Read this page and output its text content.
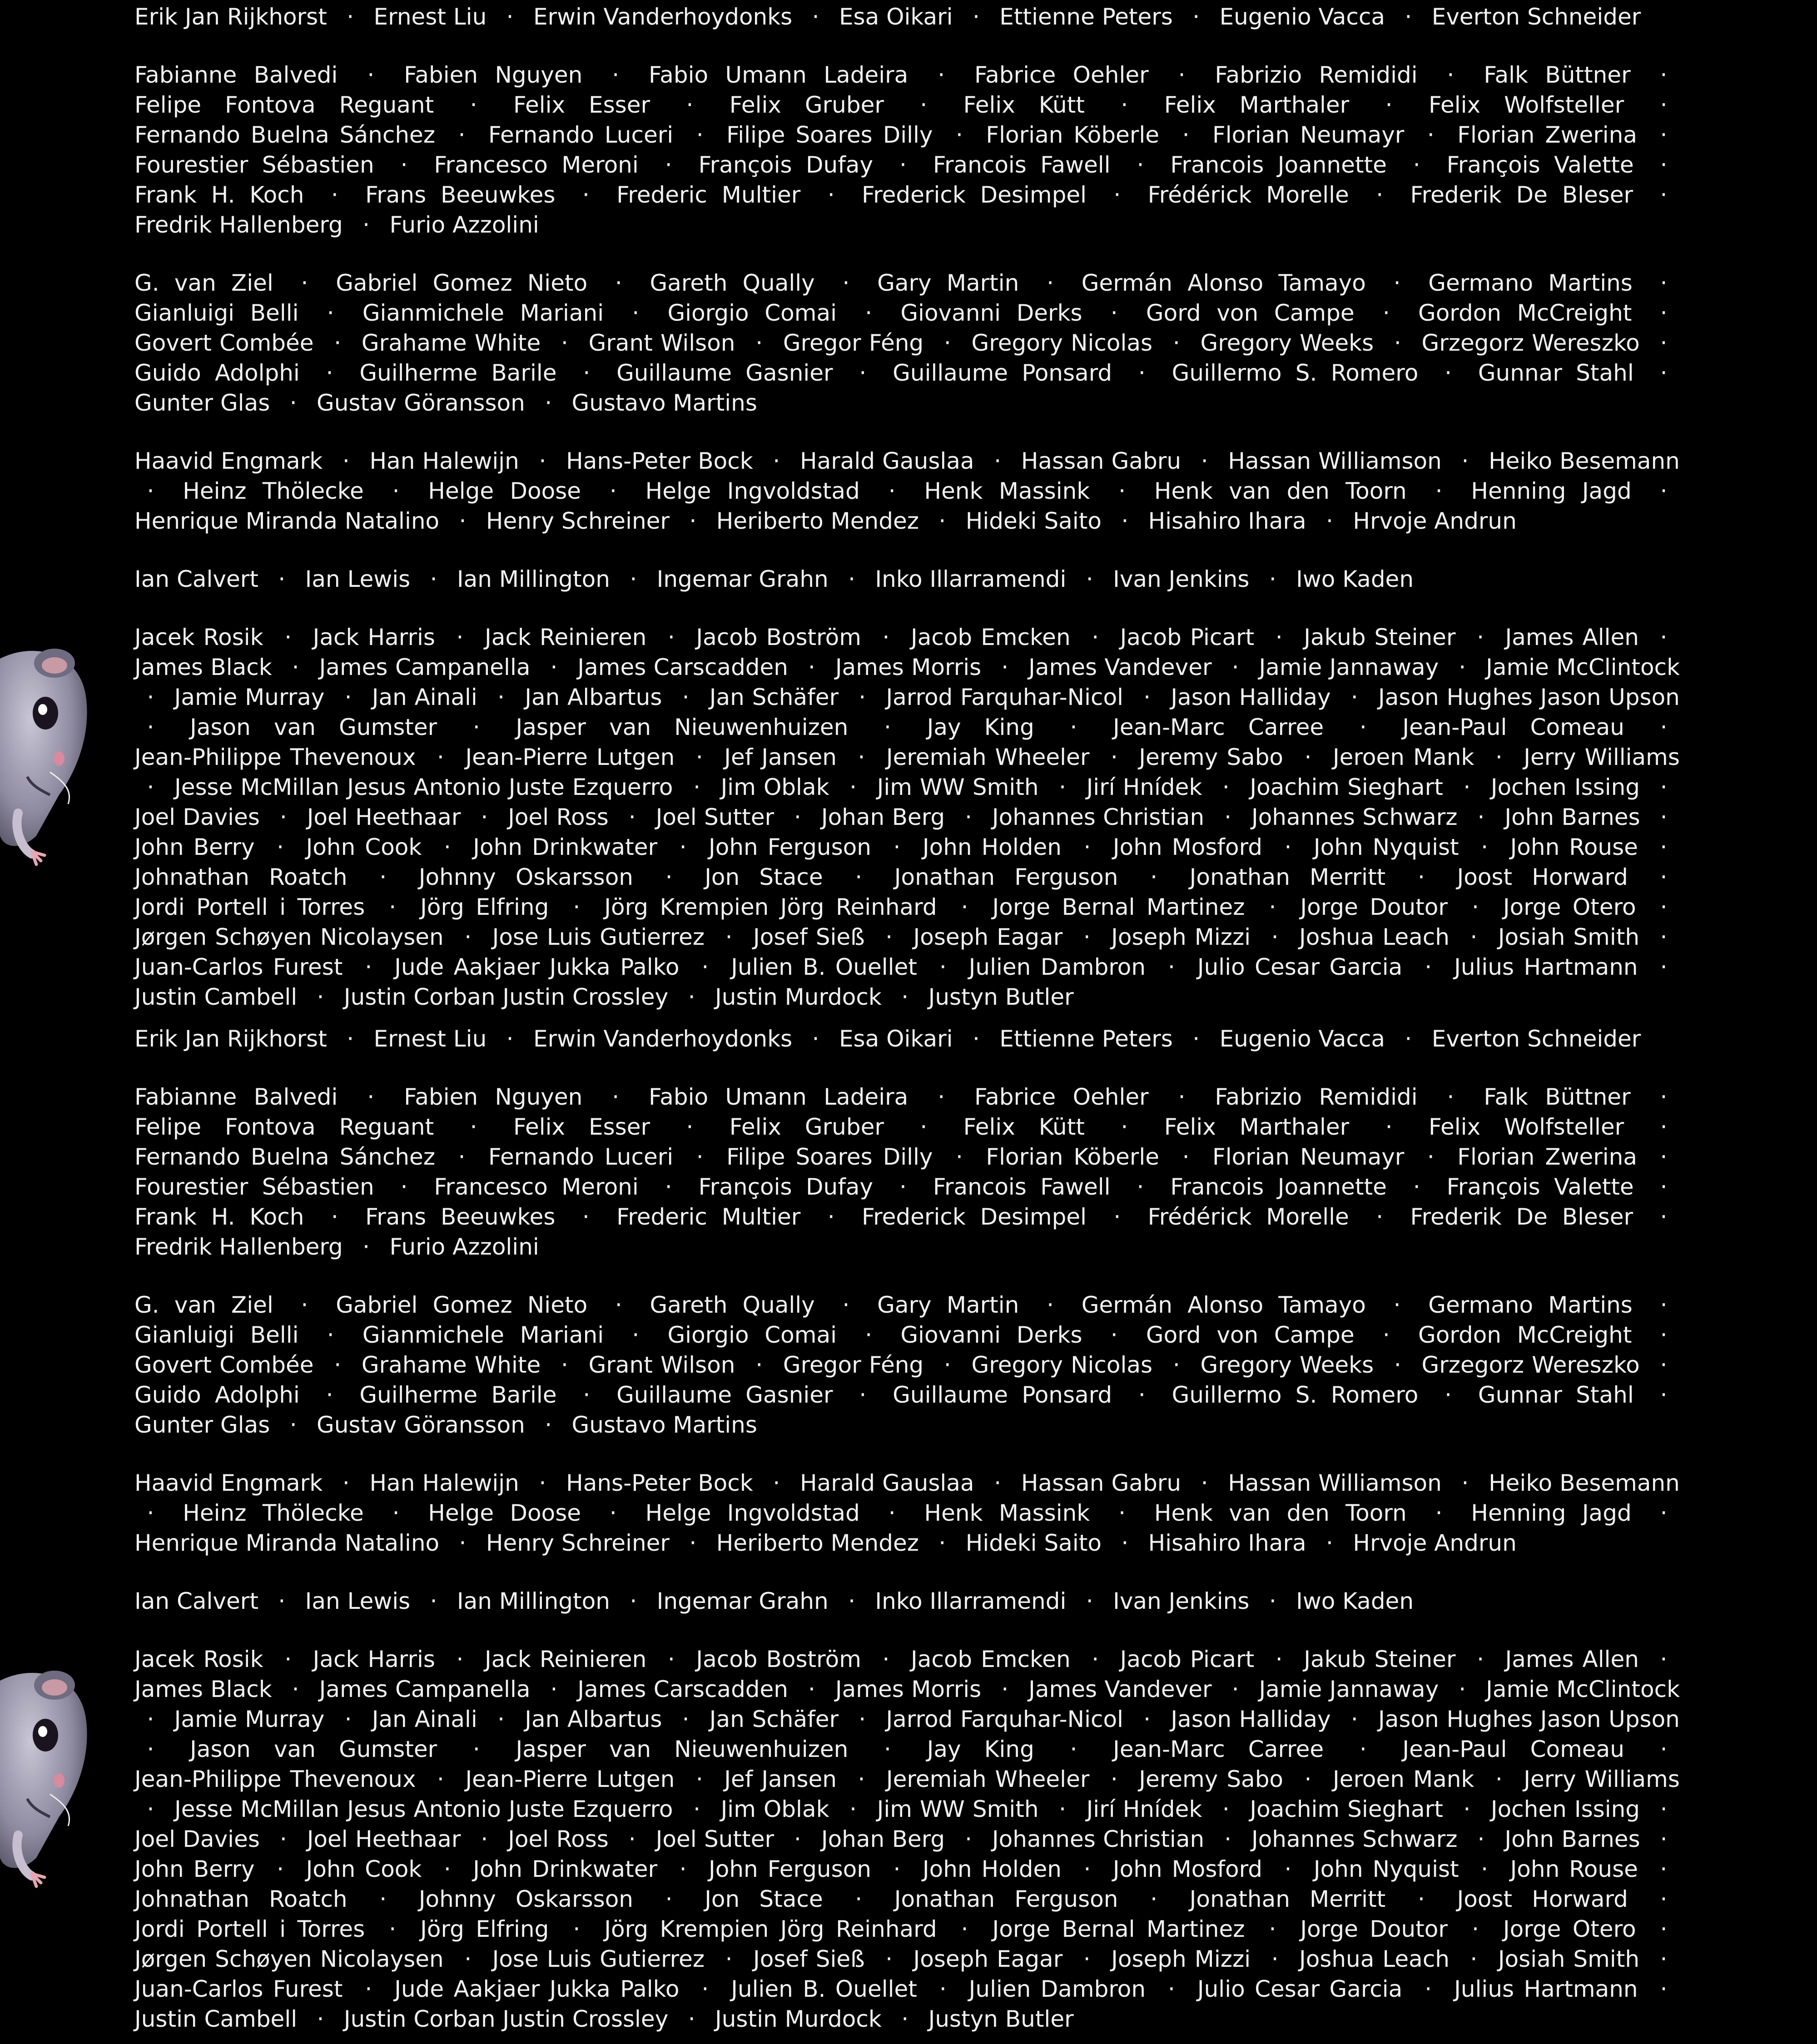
Erik Jan Rijkhorst · Ernest Liu · Erwin Vanderhoydonks · Esa Oikari · Ettienne Peters · Eugenio Vacca · Everton Schneider

Fabianne Balvedi · Fabien Nguyen · Fabio Umann Ladeira · Fabrice Oehler · Fabrizio Remididi · Falk Büttner · Felipe Fontova Reguant · Felix Esser · Felix Gruber · Felix Kütt · Felix Marthaler · Felix Wolfsteller · Fernando Buelna Sánchez · Fernando Luceri · Filipe Soares Dilly · Florian Köberle · Florian Neumayr · Florian Zwerina · Fourestier Sébastien · Francesco Meroni · François Dufay · Francois Fawell · Francois Joannette · François Valette · Frank H. Koch · Frans Beeuwkes · Frederic Multier · Frederick Desimpel · Frédérick Morelle · Frederik De Bleser · Fredrik Hallenberg · Furio Azzolini

G. van Ziel · Gabriel Gomez Nieto · Gareth Qually · Gary Martin · Germán Alonso Tamayo · Germano Martins · Gianluigi Belli · Gianmichele Mariani · Giorgio Comai · Giovanni Derks · Gord von Campe · Gordon McCreight · Govert Combée · Grahame White · Grant Wilson · Gregor Féng · Gregory Nicolas · Gregory Weeks · Grzegorz Wereszko · Guido Adolphi · Guilherme Barile · Guillaume Gasnier · Guillaume Ponsard · Guillermo S. Romero · Gunnar Stahl · Gunter Glas · Gustav Göransson · Gustavo Martins

Haavid Engmark · Han Halewijn · Hans-Peter Bock · Harald Gauslaa · Hassan Gabru · Hassan Williamson · Heiko Besemann · Heinz Thölecke · Helge Doose · Helge Ingvoldstad · Henk Massink · Henk van den Toorn · Henning Jagd · Henrique Miranda Natalino · Henry Schreiner · Heriberto Mendez · Hideki Saito · Hisahiro Ihara · Hrvoje Andrun

Ian Calvert · Ian Lewis · Ian Millington · Ingemar Grahn · Inko Illarramendi · Ivan Jenkins · Iwo Kaden

Jacek Rosik · Jack Harris · Jack Reinieren · Jacob Boström · Jacob Emcken · Jacob Picart · Jakub Steiner · James Allen · James Black · James Campanella · James Carscadden · James Morris · James Vandever · Jamie Jannaway · Jamie McClintock · Jamie Murray · Jan Ainali · Jan Albartus · Jan Schäfer · Jarrod Farquhar-Nicol · Jason Halliday · Jason Hughes Jason Upson · Jason van Gumster · Jasper van Nieuwenhuizen · Jay King · Jean-Marc Carree · Jean-Paul Comeau · Jean-Philippe Thevenoux · Jean-Pierre Lutgen · Jef Jansen · Jeremiah Wheeler · Jeremy Sabo · Jeroen Mank · Jerry Williams · Jesse McMillan Jesus Antonio Juste Ezquerro · Jim Oblak · Jim WW Smith · Jirí Hnídek · Joachim Sieghart · Jochen Issing · Joel Davies · Joel Heethaar · Joel Ross · Joel Sutter · Johan Berg · Johannes Christian · Johannes Schwarz · John Barnes · John Berry · John Cook · John Drinkwater · John Ferguson · John Holden · John Mosford · John Nyquist · John Rouse · Johnathan Roatch · Johnny Oskarsson · Jon Stace · Jonathan Ferguson · Jonathan Merritt · Joost Horward · Jordi Portell i Torres · Jörg Elfring · Jörg Krempien Jörg Reinhard · Jorge Bernal Martinez · Jorge Doutor · Jorge Otero · Jørgen Schøyen Nicolaysen · Jose Luis Gutierrez · Josef Sieß · Joseph Eagar · Joseph Mizzi · Joshua Leach · Josiah Smith · Juan-Carlos Furest · Jude Aakjaer Jukka Palko · Julien B. Ouellet · Julien Dambron · Julio Cesar Garcia · Julius Hartmann · Justin Cambell · Justin Corban Justin Crossley · Justin Murdock · Justyn Butler

Erik Jan Rijkhorst · Ernest Liu · Erwin Vanderhoydonks · Esa Oikari · Ettienne Peters · Eugenio Vacca · Everton Schneider

Fabianne Balvedi · Fabien Nguyen · Fabio Umann Ladeira · Fabrice Oehler · Fabrizio Remididi · Falk Büttner · Felipe Fontova Reguant · Felix Esser · Felix Gruber · Felix Kütt · Felix Marthaler · Felix Wolfsteller · Fernando Buelna Sánchez · Fernando Luceri · Filipe Soares Dilly · Florian Köberle · Florian Neumayr · Florian Zwerina · Fourestier Sébastien · Francesco Meroni · François Dufay · Francois Fawell · Francois Joannette · François Valette · Frank H. Koch · Frans Beeuwkes · Frederic Multier · Frederick Desimpel · Frédérick Morelle · Frederik De Bleser · Fredrik Hallenberg · Furio Azzolini

G. van Ziel · Gabriel Gomez Nieto · Gareth Qually · Gary Martin · Germán Alonso Tamayo · Germano Martins · Gianluigi Belli · Gianmichele Mariani · Giorgio Comai · Giovanni Derks · Gord von Campe · Gordon McCreight · Govert Combée · Grahame White · Grant Wilson · Gregor Féng · Gregory Nicolas · Gregory Weeks · Grzegorz Wereszko · Guido Adolphi · Guilherme Barile · Guillaume Gasnier · Guillaume Ponsard · Guillermo S. Romero · Gunnar Stahl · Gunter Glas · Gustav Göransson · Gustavo Martins

Haavid Engmark · Han Halewijn · Hans-Peter Bock · Harald Gauslaa · Hassan Gabru · Hassan Williamson · Heiko Besemann · Heinz Thölecke · Helge Doose · Helge Ingvoldstad · Henk Massink · Henk van den Toorn · Henning Jagd · Henrique Miranda Natalino · Henry Schreiner · Heriberto Mendez · Hideki Saito · Hisahiro Ihara · Hrvoje Andrun

Ian Calvert · Ian Lewis · Ian Millington · Ingemar Grahn · Inko Illarramendi · Ivan Jenkins · Iwo Kaden

Jacek Rosik · Jack Harris · Jack Reinieren · Jacob Boström · Jacob Emcken · Jacob Picart · Jakub Steiner · James Allen · James Black · James Campanella · James Carscadden · James Morris · James Vandever · Jamie Jannaway · Jamie McClintock · Jamie Murray · Jan Ainali · Jan Albartus · Jan Schäfer · Jarrod Farquhar-Nicol · Jason Halliday · Jason Hughes Jason Upson · Jason van Gumster · Jasper van Nieuwenhuizen · Jay King · Jean-Marc Carree · Jean-Paul Comeau · Jean-Philippe Thevenoux · Jean-Pierre Lutgen · Jef Jansen · Jeremiah Wheeler · Jeremy Sabo · Jeroen Mank · Jerry Williams · Jesse McMillan Jesus Antonio Juste Ezquerro · Jim Oblak · Jim WW Smith · Jirí Hnídek · Joachim Sieghart · Jochen Issing · Joel Davies · Joel Heethaar · Joel Ross · Joel Sutter · Johan Berg · Johannes Christian · Johannes Schwarz · John Barnes · John Berry · John Cook · John Drinkwater · John Ferguson · John Holden · John Mosford · John Nyquist · John Rouse · Johnathan Roatch · Johnny Oskarsson · Jon Stace · Jonathan Ferguson · Jonathan Merritt · Joost Horward · Jordi Portell i Torres · Jörg Elfring · Jörg Krempien Jörg Reinhard · Jorge Bernal Martinez · Jorge Doutor · Jorge Otero · Jørgen Schøyen Nicolaysen · Jose Luis Gutierrez · Josef Sieß · Joseph Eagar · Joseph Mizzi · Joshua Leach · Josiah Smith · Juan-Carlos Furest · Jude Aakjaer Jukka Palko · Julien B. Ouellet · Julien Dambron · Julio Cesar Garcia · Julius Hartmann · Justin Cambell · Justin Corban Justin Crossley · Justin Murdock · Justyn Butler
